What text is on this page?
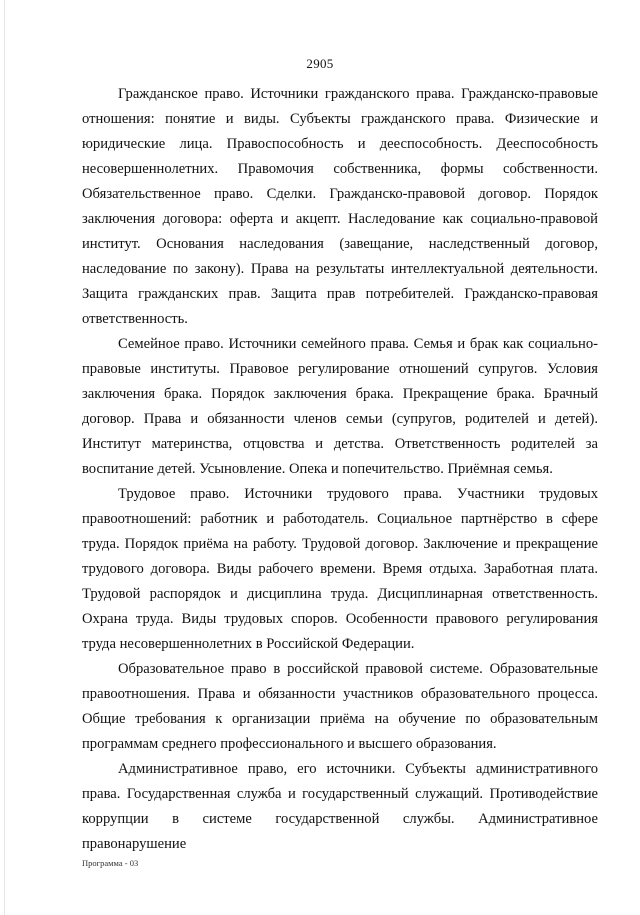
2905

Гражданское право. Источники гражданского права. Гражданско-правовые отношения: понятие и виды. Субъекты гражданского права. Физические и юридические лица. Правоспособность и дееспособность. Дееспособность несовершеннолетних. Правомочия собственника, формы собственности. Обязательственное право. Сделки. Гражданско-правовой договор. Порядок заключения договора: оферта и акцепт. Наследование как социально-правовой институт. Основания наследования (завещание, наследственный договор, наследование по закону). Права на результаты интеллектуальной деятельности. Защита гражданских прав. Защита прав потребителей. Гражданско-правовая ответственность.

Семейное право. Источники семейного права. Семья и брак как социально-правовые институты. Правовое регулирование отношений супругов. Условия заключения брака. Порядок заключения брака. Прекращение брака. Брачный договор. Права и обязанности членов семьи (супругов, родителей и детей). Институт материнства, отцовства и детства. Ответственность родителей за воспитание детей. Усыновление. Опека и попечительство. Приёмная семья.

Трудовое право. Источники трудового права. Участники трудовых правоотношений: работник и работодатель. Социальное партнёрство в сфере труда. Порядок приёма на работу. Трудовой договор. Заключение и прекращение трудового договора. Виды рабочего времени. Время отдыха. Заработная плата. Трудовой распорядок и дисциплина труда. Дисциплинарная ответственность. Охрана труда. Виды трудовых споров. Особенности правового регулирования труда несовершеннолетних в Российской Федерации.

Образовательное право в российской правовой системе. Образовательные правоотношения. Права и обязанности участников образовательного процесса. Общие требования к организации приёма на обучение по образовательным программам среднего профессионального и высшего образования.

Административное право, его источники. Субъекты административного права. Государственная служба и государственный служащий. Противодействие коррупции в системе государственной службы. Административное правонарушение

Программа - 03
